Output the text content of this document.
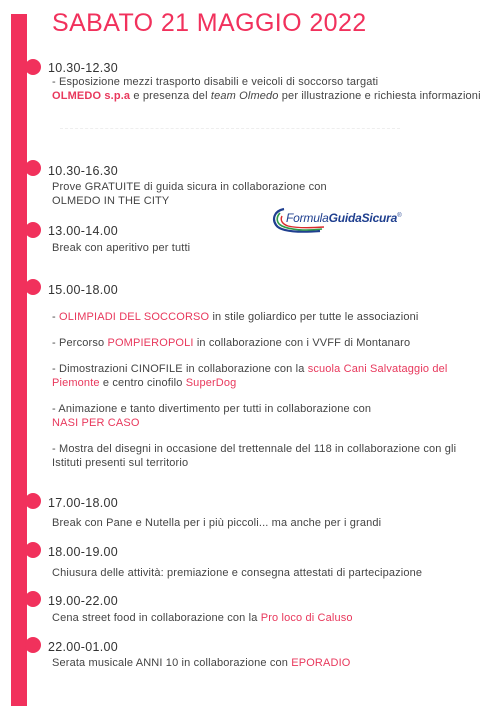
SABATO 21 MAGGIO 2022
10.30-12.30
- Esposizione mezzi trasporto disabili e veicoli di soccorso targati
OLMEDO s.p.a e presenza del team Olmedo per illustrazione e richiesta informazioni
10.30-16.30
Prove GRATUITE di guida sicura in collaborazione con OLMEDO IN THE CITY
FormulaGuidaSicura®
13.00-14.00
Break con aperitivo per tutti
15.00-18.00
- OLIMPIADI DEL SOCCORSO in stile goliardico per tutte le associazioni
- Percorso POMPIEROPOLI in collaborazione con i VVFF di Montanaro
- Dimostrazioni CINOFILE in collaborazione con la scuola Cani Salvataggio del Piemonte e centro cinofilo SuperDog
- Animazione e tanto divertimento per tutti in collaborazione con
NASI PER CASO
- Mostra del disegni in occasione del trettennale del 118 in collaborazione con gli Istituti presenti sul territorio
17.00-18.00
Break con Pane e Nutella per i più piccoli... ma anche per i grandi
18.00-19.00
Chiusura delle attività: premiazione e consegna attestati di partecipazione
19.00-22.00
Cena street food in collaborazione con la Pro loco di Caluso
22.00-01.00
Serata musicale ANNI 10 in collaborazione con EPORADIO
